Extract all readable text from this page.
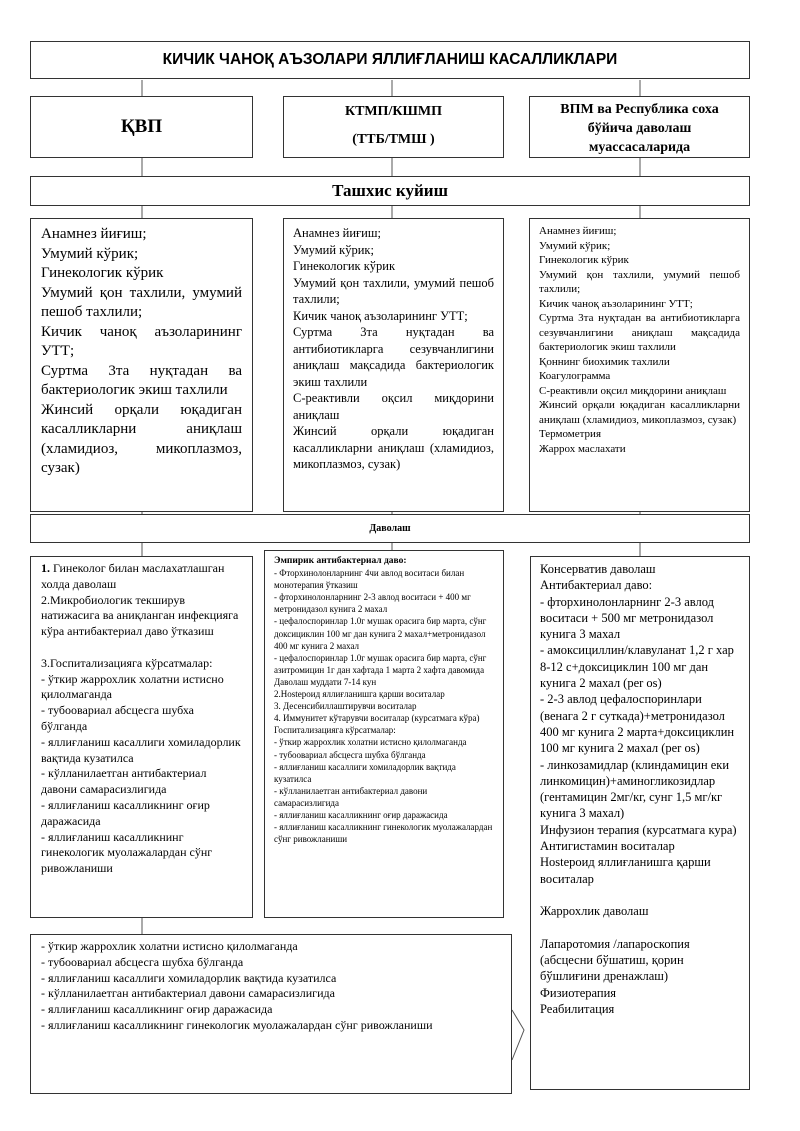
КИЧИК ЧАНОҚ АЪЗОЛАРИ ЯЛЛИҒЛАНИШ КАСАЛЛИКЛАРИ
ҚВП
КТМП/КШМП
(ТТБ/ТМШ )
ВПМ ва Республика соха
бўйича даволаш
муассасаларида
Ташхис куйиш
Анамнез йиғиш;
Умумий кўрик;
Гинекологик кўрик
Умумий қон тахлили, умумий пешоб тахлили;
Кичик чаноқ аъзоларининг УТТ;
Суртма 3та нуқтадан ва бактериологик экиш тахлили
Жинсий орқали юқадиган касалликларни аниқлаш (хламидиоз, микоплазмоз, сузак)
Анамнез йиғиш;
Умумий кўрик;
Гинекологик кўрик
Умумий қон тахлили, умумий пешоб тахлили;
Кичик чаноқ аъзоларининг УТТ;
Суртма 3та нуқтадан ва антибиотикларга сезувчанлигини аниқлаш мақсадида бактериологик экиш тахлили
С-реактивли оқсил миқдорини аниқлаш
Жинсий орқали юқадиган касалликларни аниқлаш (хламидиоз, микоплазмоз, сузак)
Анамнез йиғиш;
Умумий кўрик;
Гинекологик кўрик
Умумий қон тахлили, умумий пешоб тахлили;
Кичик чаноқ аъзоларининг УТТ;
Суртма 3та нуқтадан ва антибиотикларга сезувчанлигини аниқлаш мақсадида бактериологик экиш тахлили
Қоннинг биохимик тахлили
Коагулограмма
С-реактивли оқсил миқдорини аниқлаш
Жинсий орқали юқадиган касалликларни аниқлаш (хламидиоз, микоплазмоз, сузак)
Термометрия
Жаррох маслахати
Даволаш
1. Гинеколог билан маслахатлашган холда даволаш
2.Микробиологик текширув натижасига ва аниқланган инфекцияга кўра антибактериал даво ўтказиш

3.Госпитализацияга кўрсатмалар:
- ўткир жаррохлик холатни истисно қилолмаганда
- тубоовариал абсцесга шубха бўлганда
- яллиғланиш касаллиги хомиладорлик вақтида кузатилса
- кўлланилаетган антибактериал давони самарасизлигида
- яллиғланиш касалликнинг оғир даражасида
- яллиғланиш касалликнинг гинекологик муолажалардан сўнг ривожланиши
Эмпирик антибактериал даво:
- Фторхинолонларнинг 4чи авлод воситаси билан монотерапия ўтказиш
- фторхинолонларнинг 2-3 авлод воситаси + 400 мг метронидазол кунига 2 махал
- цефалоспоринлар 1.0г мушак орасига бир марта, сўнг доксициклин 100 мг дан кунига 2 махал+метронидазол 400 мг кунига 2 махал
- цефалоспоринлар 1.0г мушак орасига бир марта, сўнг азитромицин 1г дан хафтада 1 марта 2 хафта давомида
Даволаш муддати 7-14 кун
2.Нostероид яллиғланишга қарши воситалар
3. Десенсибиллаштирувчи воситалар
4. Иммунитет кўтарувчи воситалар (курсатмага кўра)
Госпитализацияга кўрсатмалар:
- ўткир жаррохлик холатни истисно қилолмаганда
- тубоовариал абсцесга шубха бўлганда
- яллиғланиш касаллиги хомиладорлик вақтида кузатилса
- кўлланилаетган антибактериал давони самарасизлигида
- яллиғланиш касалликнинг оғир даражасида
- яллиғланиш касалликнинг гинекологик муолажалардан сўнг ривожланиши
Консерватив даволаш
Антибактериал даво:
- фторхинолонларнинг 2-3 авлод воситаси + 500 мг метронидазол кунига 3 махал
- амоксициллин/клавуланат 1,2 г хар 8-12 с+доксициклин 100 мг дан кунига 2 махал (per os)
- 2-3 авлод цефалоспоринлари (венага 2 г суткада)+метронидазол 400 мг кунига 2 марта+доксициклин 100 мг кунига 2 махал (per os)
- линкозамидлар (клиндамицин еки линкомицин)+аминогликозидлар (гентамицин 2мг/кг, сунг 1,5 мг/кг кунига 3 махал)
Инфузион терапия (курсатмага кура)
Антигистамин воситалар
Нostероид яллиғланишга қарши воситалар

Жаррохлик даволаш

Лапаротомия /лапароскопия (абсцесни бўшатиш, қорин бўшлиғини дренажлаш)
Физиотерапия
Реабилитация
- ўткир жаррохлик холатни истисно қилолмаганда
- тубоовариал абсцесга шубха бўлганда
- яллиғланиш касаллиги хомиладорлик вақтида кузатилса
- кўлланилаетган антибактериал давони самарасизлигида
- яллиғланиш касалликнинг оғир даражасида
- яллиғланиш касалликнинг гинекологик муолажалардан сўнг ривожланиши
